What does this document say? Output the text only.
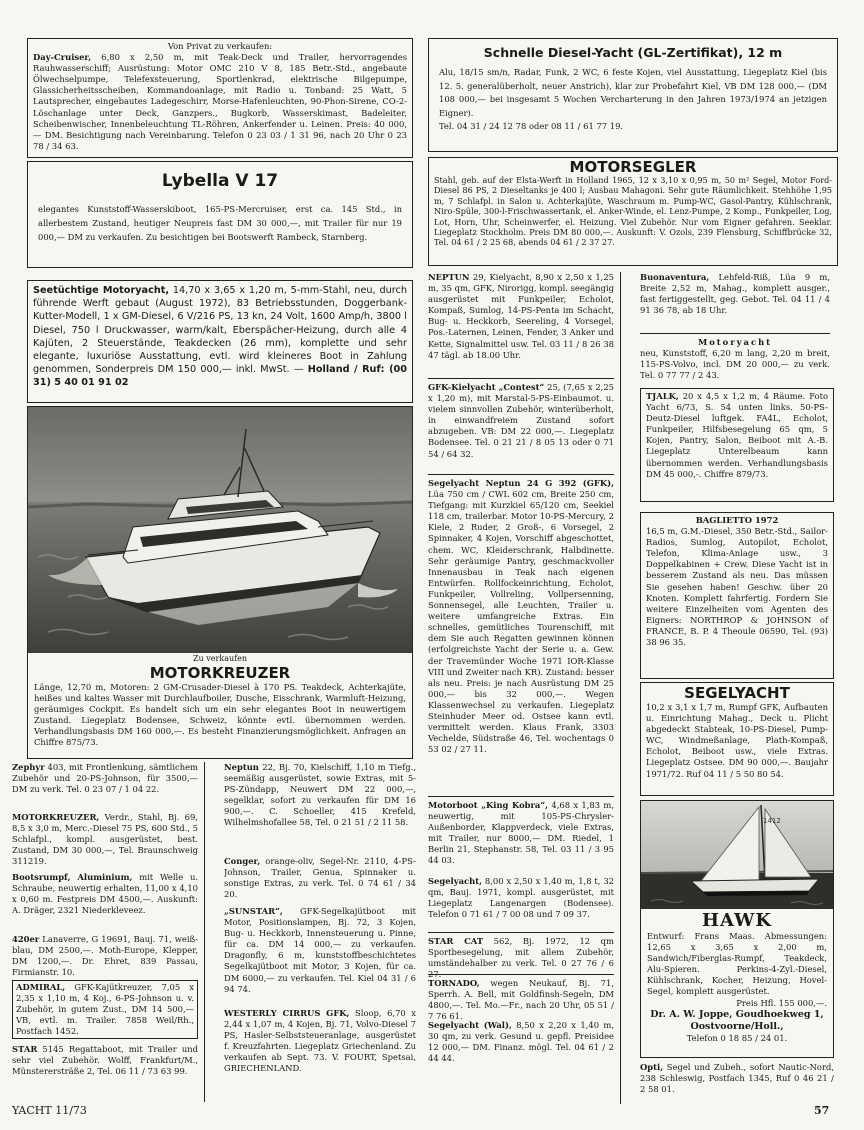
Von Privat zu verkaufen:

Day-Cruiser, 6,80 x 2,50 m, mit Teak-Deck und Trailer, hervorragendes Rauhwasserschiff; Ausrüstung: Motor OMC 210 V 8, 185 Betr.-Std., angebaute Ölwechselpumpe, Telefexsteuerung, Sportlenkrad, elektrische Bilgepumpe, Glassicherheitsscheiben, Kommandoanlage, mit Radio u. Tonband: 25 Watt, 5 Lautsprecher, eingebautes Ladegeschirr, Morse-Hafenleuchten, 90-Phon-Sirene, CO-2-Löschanlage unter Deck, Ganzpers., Bugkorb, Wasserskimast, Badeleiter, Scheibenwischer, Innenbeleuchtung TL-Röhren, Ankerfender u. Leinen. Preis: 40 000,— DM. Besichtigung nach Vereinbarung. Telefon 0 23 03 / 1 31 96, nach 20 Uhr 0 23 78 / 34 63.

Lybella V 17

elegantes Kunststoff-Wasserskiboot, 165-PS-Mercruiser, erst ca. 145 Std., in allerbestem Zustand, heutiger Neupreis fast DM 30 000,—, mit Trailer für nur 19 000,— DM zu verkaufen. Zu besichtigen bei Bootswerft Rambeck, Starnberg.

Seetüchtige Motoryacht, 14,70 x 3,65 x 1,20 m, 5-mm-Stahl, neu, durch führende Werft gebaut (August 1972), 83 Betriebsstunden, Doggerbank-Kutter-Modell, 1 x GM-Diesel, 6 V/216 PS, 13 kn, 24 Volt, 1600 Amp/h, 3800 l Diesel, 750 l Druckwasser, warm/kalt, Eberspächer-Heizung, durch alle 4 Kajüten, 2 Steuerstände, Teakdecken (26 mm), komplette und sehr elegante, luxuriöse Ausstattung, evtl. wird kleineres Boot in Zahlung genommen, Sonderpreis DM 150 000,— inkl. MwSt. — Holland / Ruf: (00 31) 5 40 01 91 02

Zu verkaufen

MOTORKREUZER

Länge, 12,70 m, Motoren: 2 GM-Crusader-Diesel à 170 PS. Teakdeck, Achterkajüte, heißes und kaltes Wasser mit Durchlaufboiler, Dusche, Eisschrank, Warmluft-Heizung, geräumiges Cockpit. Es handelt sich um ein sehr elegantes Boot in neuwertigem Zustand. Liegeplatz Bodensee, Schweiz, könnte evtl. übernommen werden. Verhandlungsbasis DM 160 000,—. Es besteht Finanzierungsmöglichkeit. Anfragen an Chiffre 875/73.

Zephyr 403, mit Frontlenkung, sämtlichem Zubehör und 20-PS-Johnson, für 3500,— DM zu verk. Tel. 0 23 07 / 1 04 22.

MOTORKREUZER, Verdr., Stahl, Bj. 69, 8,5 x 3,0 m, Merc.-Diesel 75 PS, 600 Std., 5 Schlafpl., kompl. ausgerüstet, best. Zustand, DM 30 000,—, Tel. Braunschweig 311219.

Bootsrumpf, Aluminium, mit Welle u. Schraube, neuwertig erhalten, 11,00 x 4,10 x 0,60 m. Festpreis DM 4500,—. Auskunft: A. Dräger, 2321 Niederkleveez.

420er Lanaverre, G 19691, Bauj. 71, weiß-blau, DM 2500,—. Moth-Europe, Klepper, DM 1200,—. Dr. Ehret, 839 Passau, Firmianstr. 10.

ADMIRAL, GFK-Kajütkreuzer, 7,05 x 2,35 x 1,10 m, 4 Koj., 6-PS-Johnson u. v. Zubehör, in gutem Zust., DM 14 500,— VB, evtl. m. Trailer. 7858 Weil/Rh., Postfach 1452.

STAR 5145 Regattaboot, mit Trailer und sehr viel Zubehör. Wolff, Frankfurt/M., Münsterersträße 2, Tel. 06 11 / 73 63 99.

Neptun 22, Bj. 70, Kielschiff, 1,10 m Tiefg., seemäßig ausgerüstet, sowie Extras, mit 5-PS-Zündapp, Neuwert DM 22 000,—, segelklar, sofort zu verkaufen für DM 16 900,—. C. Schoeller, 415 Krefeld, Wilhelmshofallee 58, Tel. 0 21 51 / 2 11 58.

Conger, orange-oliv, Segel-Nr. 2110, 4-PS-Johnson, Trailer, Genua, Spinnaker u. sonstige Extras, zu verk. Tel. 0 74 61 / 34 20.

„SUNSTAR“, GFK-Segelkajütboot mit Motor, Positionslampen, Bj. 72, 3 Kojen, Bug- u. Heckkorb, Innensteuerung u. Pinne, für ca. DM 14 000,— zu verkaufen. Dragonfly, 6 m, kunststoffbeschichtetes Segelkajütboot mit Motor, 3 Kojen, für ca. DM 6000,— zu verkaufen. Tel. Kiel 04 31 / 6 94 74.

WESTERLY CIRRUS GFK, Sloop, 6,70 x 2,44 x 1,07 m, 4 Kojen, Bj. 71, Volvo-Diesel 7 PS, Hasler-Selbststeueranlage, ausgerüstet f. Kreuzfahrten. Liegeplatz Griechenland. Zu verkaufen ab Sept. 73. V. FOURT, Spetsai, GRIECHENLAND.

Schnelle Diesel-Yacht (GL-Zertifikat), 12 m

Alu, 18/15 sm/n, Radar, Funk, 2 WC, 6 feste Kojen, viel Ausstattung, Liegeplatz Kiel (bis 12. 5. generalüberholt, neuer Anstrich), klar zur Probefahrt Kiel, VB DM 128 000,— (DM 108 000,— bei insgesamt 5 Wochen Vercharterung in den Jahren 1973/1974 an jetzigen Eigner).

Tel. 04 31 / 24 12 78 oder 08 11 / 61 77 19.

MOTORSEGLER

Stahl, geb. auf der Elsta-Werft in Holland 1965, 12 x 3,10 x 0,95 m, 50 m² Segel, Motor Ford-Diesel 86 PS, 2 Dieseltanks je 400 l; Ausbau Mahagoni. Sehr gute Räumlichkeit. Stehhöhe 1,95 m, 7 Schlafpl. in Salon u. Achterkajüte, Waschraum m. Pump-WC, Gasol-Pantry, Kühlschrank, Niro-Spüle, 300-l-Frischwassertank, el. Anker-Winde, el. Lenz-Pumpe, 2 Komp., Funkpeiler, Log, Lot, Horn, Uhr, Scheinwerfer, el. Heizung. Viel Zubehör. Nur vom Eigner gefahren. Seeklar. Liegeplatz Stockholm. Preis DM 80 000,—. Auskunft: V. Ozols, 239 Flensburg, Schiffbrücke 32, Tel. 04 61 / 2 25 68, abends 04 61 / 2 37 27.

NEPTUN 29, Kielyacht, 8,90 x 2,50 x 1,25 m, 35 qm, GFK, Nirorigg, kompl. seegängig ausgerüstet mit Funkpeiler, Echolot, Kompaß, Sumlog, 14-PS-Penta im Schacht, Bug- u. Heckkorb, Seereling, 4 Vorsegel, Pos.-Laternen, Leinen, Fender, 3 Anker und Kette, Signalmittel usw. Tel. 03 11 / 8 26 38 47 tägl. ab 18.00 Uhr.

GFK-Kielyacht „Contest“ 25, (7,65 x 2,25 x 1,20 m), mit Marstal-5-PS-Einbaumot. u. vielem sinnvollen Zubehör, winterüberholt, in einwandfreiem Zustand sofort abzugeben. VB: DM 22 000,—. Liegeplatz Bodensee. Tel. 0 21 21 / 8 05 13 oder 0 71 54 / 64 32.

Segelyacht Neptun 24 G 392 (GFK), Lüa 750 cm / CWL 602 cm, Breite 250 cm, Tiefgang: mit Kurzkiel 65/120 cm, Seekiel 118 cm, trailerbar. Motor 10-PS-Mercury, 2 Kiele, 2 Ruder, 2 Groß-, 6 Vorsegel, 2 Spinnaker, 4 Kojen, Vorschiff abgeschottet, chem. WC, Kleiderschrank, Halbdinette. Sehr geräumige Pantry, geschmackvoller Innenausbau in Teak nach eigenen Entwürfen. Rollfockeinrichtung, Echolot, Funkpeiler, Vollreling, Vollpersenning, Sonnensegel, alle Leuchten, Trailer u. weitere umfangreiche Extras. Ein schnelles, gemütliches Tourenschiff, mit dem Sie auch Regatten gewinnen können (erfolgreichste Yacht der Serie u. a. Gew. der Travemünder Woche 1971 IOR-Klasse VIII und Zweiter nach KR). Zustand: besser als neu. Preis: je nach Ausrüstung DM 25 000,— bis 32 000,—. Wegen Klassenwechsel zu verkaufen. Liegeplatz Steinhuder Meer od. Ostsee kann evtl. vermittelt werden. Klaus Frank, 3303 Vechelde, Südstraße 46, Tel. wochentags 0 53 02 / 27 11.

Motorboot „King Kobra“, 4,68 x 1,83 m, neuwertig, mit 105-PS-Chrysler-Außenborder, Klappverdeck, viele Extras, mit Trailer, nur 8000,— DM. Riedel, 1 Berlin 21, Stephanstr. 58, Tel. 03 11 / 3 95 44 03.

Segelyacht, 8,00 x 2,50 x 1,40 m, 1,8 t, 32 qm, Bauj. 1971, kompl. ausgerüstet, mit Liegeplatz Langenargen (Bodensee). Telefon 0 71 61 / 7 00 08 und 7 09 37.

STAR CAT 562, Bj. 1972, 12 qm Sportbesegelung, mit allem Zubehör, umständehalber zu verk. Tel. 0 27 76 / 6 27.

TORNADO, wegen Neukauf, Bj. 71, Sperrh. A. Bell, mit Goldfinsh-Segeln, DM 4800,—. Tel. Mo.—Fr., nach 20 Uhr, 05 51 / 7 76 61.

Segelyacht (Wal), 8,50 x 2,20 x 1,40 m, 30 qm, zu verk. Gesund u. gepfl. Preisidee 12 000,— DM. Finanz. mögl. Tel. 04 61 / 2 44 44.

Buonaventura, Lehfeld-Riß, Lüa 9 m, Breite 2,52 m, Mahag., komplett ausger., fast fertiggestellt, geg. Gebot. Tel. 04 11 / 4 91 36 78, ab 18 Uhr.

Motoryacht

neu, Kunststoff, 6,20 m lang, 2,20 m breit, 115-PS-Volvo, incl. DM 20 000,— zu verk. Tel. 0 77 77 / 2 43.

TJALK, 20 x 4,5 x 1,2 m, 4 Räume. Foto Yacht 6/73, S. 54 unten links. 50-PS-Deutz-Diesel luftgek. FA4L, Echolot, Funkpeiler, Hilfsbesegelung 65 qm, 5 Kojen, Pantry, Salon, Beiboot mit A.-B. Liegeplatz Unterelbeaum kann übernommen werden. Verhandlungsbasis DM 45 000,-. Chiffre 879/73.

BAGLIETTO 1972

16,5 m, G.M.-Diesel, 350 Betr.-Std., Sailor-Radios, Sumlog, Autopilot, Echolot, Telefon, Klima-Anlage usw., 3 Doppelkabinen + Crew. Diese Yacht ist in besserem Zustand als neu. Das müssen Sie gesehen haben! Geschw. über 20 Knoten. Komplett fahrfertig. Fordern Sie weitere Einzelheiten vom Agenten des Eigners: NORTHROP & JOHNSON of FRANCE, B. P. 4 Theoule 06590, Tel. (93) 38 96 35.

SEGELYACHT

10,2 x 3,1 x 1,7 m, Rumpf GFK, Aufbauten u. Einrichtung Mahag., Deck u. Plicht abgedeckt Stabteak, 10-PS-Diesel, Pump-WC, Windmeßanlage, Plath-Kompaß, Echolot, Beiboot usw., viele Extras. Liegeplatz Ostsee. DM 90 000,—. Baujahr 1971/72. Ruf 04 11 / 5 50 80 54.

1412
HAWK

Entwurf: Frans Maas. Abmessungen: 12,65 x 3,65 x 2,00 m, Sandwich/Fiberglas-Rumpf, Teakdeck, Alu-Spieren. Perkins-4-Zyl.-Diesel, Kühlschrank, Kocher, Heizung, Hovel-Segel, komplett ausgerüstet.

Preis Hfl. 155 000,—.

Dr. A. W. Joppe, Goudhoekweg 1, Oostvoorne/Holl.,

Telefon 0 18 85 / 24 01.

Opti, Segel und Zubeh., sofort Nautic-Nord, 238 Schleswig, Postfach 1345, Ruf 0 46 21 / 2 58 01.

YACHT 11/73	57
